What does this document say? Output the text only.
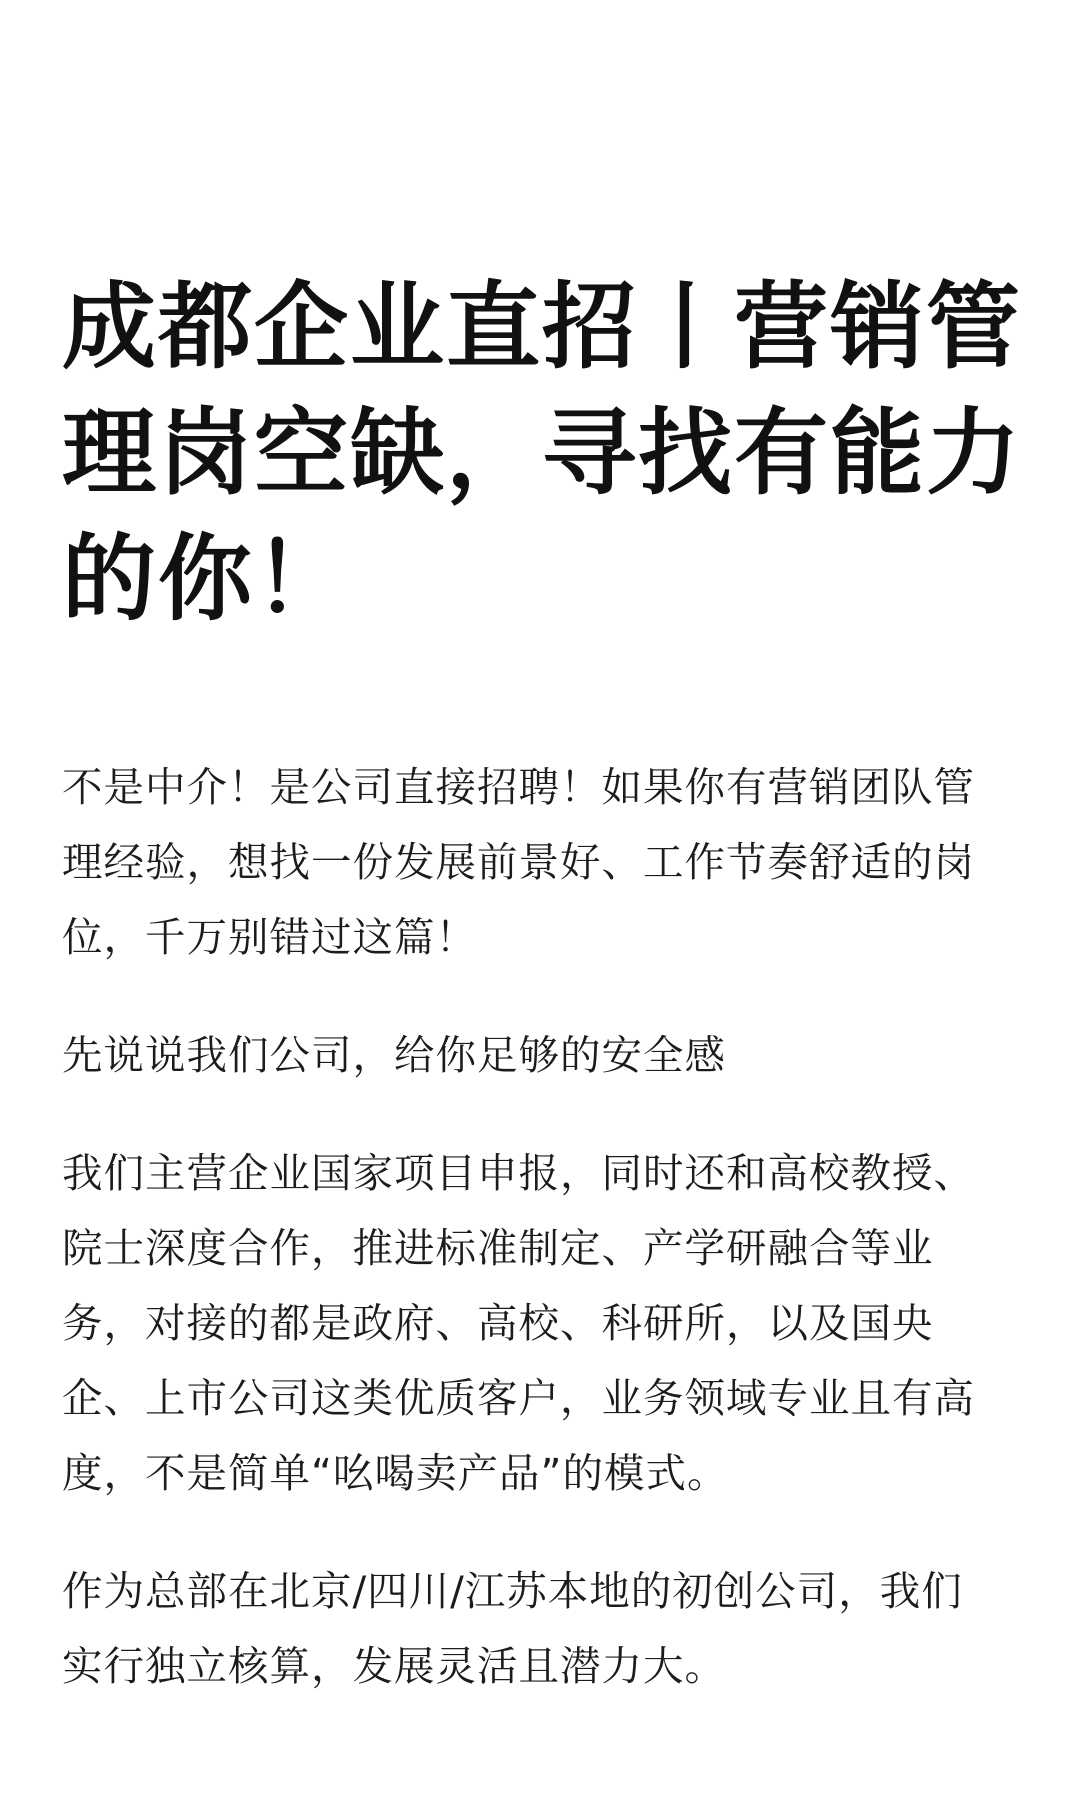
成都企业直招丨营销管
理岗空缺，寻找有能力
的你！

不是中介！是公司直接招聘！如果你有营销团队管
理经验，想找一份发展前景好、工作节奏舒适的岗
位，千万别错过这篇！

先说说我们公司，给你足够的安全感

我们主营企业国家项目申报，同时还和高校教授、
院士深度合作，推进标准制定、产学研融合等业
务，对接的都是政府、高校、科研所，以及国央
企、上市公司这类优质客户，业务领域专业且有高
度，不是简单“吆喝卖产品”的模式。

作为总部在北京/四川/江苏本地的初创公司，我们
实行独立核算，发展灵活且潜力大。
